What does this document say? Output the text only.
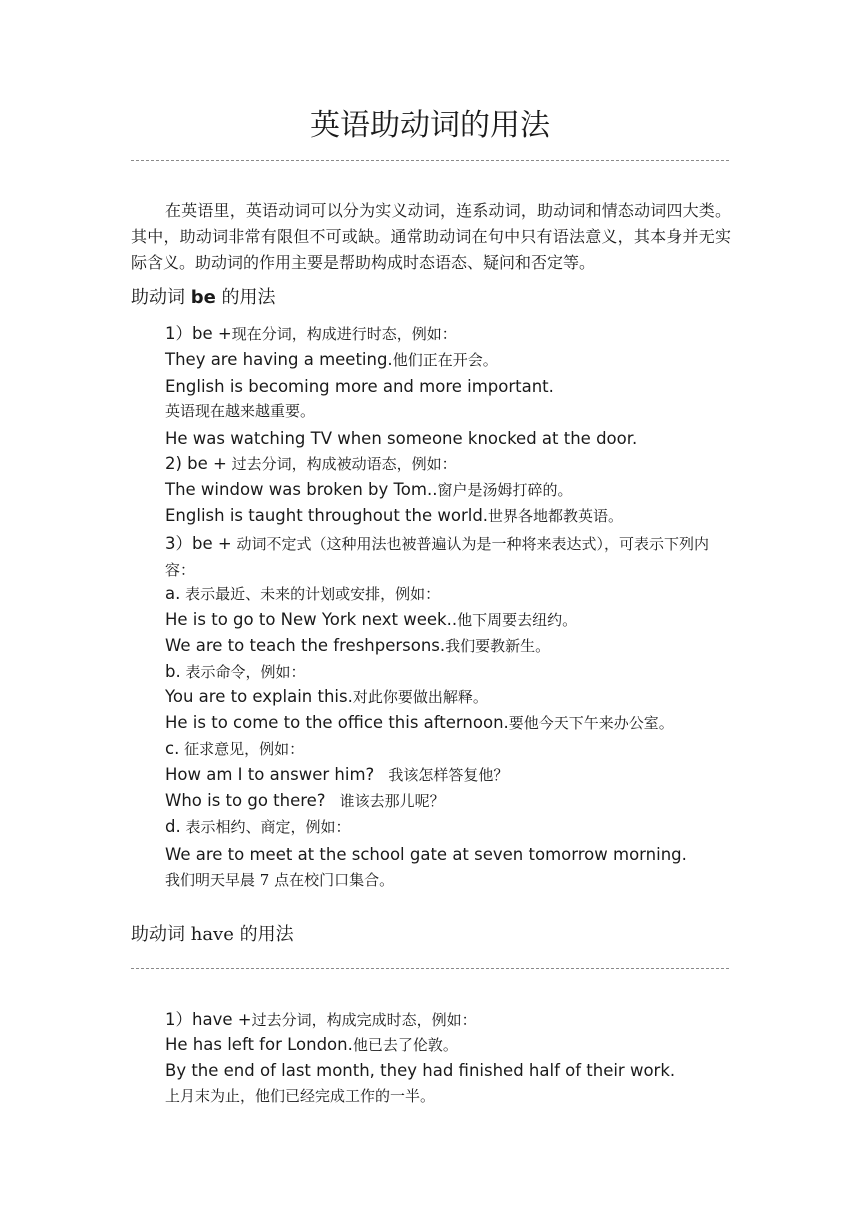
英语助动词的用法

在英语里，英语动词可以分为实义动词，连系动词，助动词和情态动词四大类。其中，助动词非常有限但不可或缺。通常助动词在句中只有语法意义，其本身并无实际含义。助动词的作用主要是帮助构成时态语态、疑问和否定等。

助动词 be 的用法
1）be +现在分词，构成进行时态，例如：
They are having a meeting.他们正在开会。
English is becoming more and more important.
英语现在越来越重要。
He was watching TV when someone knocked at the door.
2) be + 过去分词，构成被动语态，例如：
The window was broken by Tom..窗户是汤姆打碎的。
English is taught throughout the world.世界各地都教英语。
3）be + 动词不定式（这种用法也被普遍认为是一种将来表达式），可表示下列内容：
a. 表示最近、未来的计划或安排，例如：
He is to go to New York next week..他下周要去纽约。
We are to teach the freshpersons.我们要教新生。
b. 表示命令，例如：
You are to explain this.对此你要做出解释。
He is to come to the office this afternoon.要他今天下午来办公室。
c. 征求意见，例如：
How am I to answer him? 我该怎样答复他？
Who is to go there? 谁该去那儿呢？
d. 表示相约、商定，例如：
We are to meet at the school gate at seven tomorrow morning.
我们明天早晨 7 点在校门口集合。
助动词 have 的用法
1）have +过去分词，构成完成时态，例如：
He has left for London.他已去了伦敦。
By the end of last month, they had finished half of their work.
上月末为止，他们已经完成工作的一半。
